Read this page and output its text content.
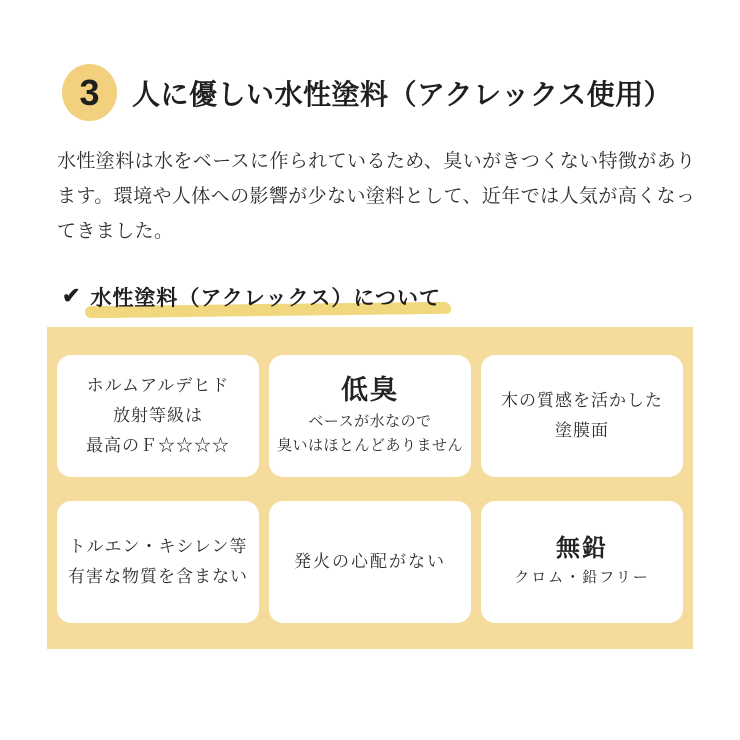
3 人に優しい水性塗料（アクレックス使用）

水性塗料は水をベースに作られているため、臭いがきつくない特徴があります。環境や人体への影響が少ない塗料として、近年では人気が高くなってきました。

✔ 水性塗料（アクレックス）について
ホルムアルデヒド
放射等級は
最高のＦ☆☆☆☆
低臭
ベースが水なので
臭いはほとんどありません
木の質感を活かした
塗膜面
トルエン・キシレン等
有害な物質を含まない
発火の心配がない	無鉛
クロム・鉛フリー
